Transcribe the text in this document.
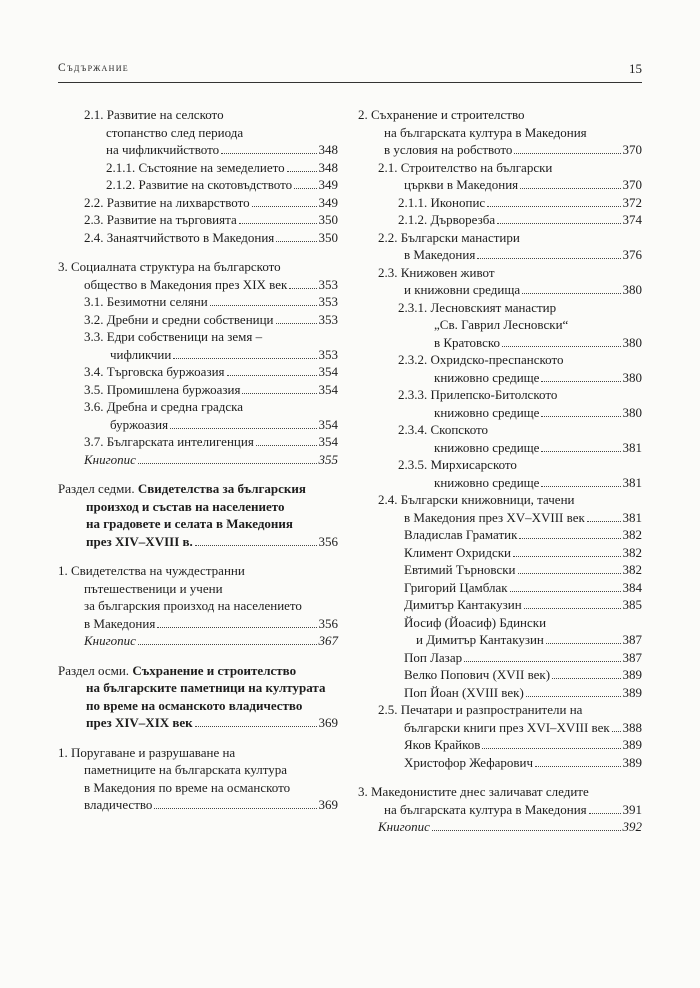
Съдържание	15
2.1. Развитие на селското
стопанство след периода
на чифликчийството	348
2.1.1. Състояние на земеделието	348
2.1.2. Развитие на скотовъдството 349
2.2. Развитие на лихварството	349
2.3. Развитие на търговията	350
2.4. Занаятчийството в Македония	350
3. Социалната структура на българското
общество в Македония през XIX век 353
3.1. Безимотни селяни	353
3.2. Дребни и средни собственици	353
3.3. Едри собственици на земя –
чифликчии	353
3.4. Търговска буржоазия	354
3.5. Промишлена буржоазия	354
3.6. Дребна и средна градска
буржоазия	354
3.7. Българската интелигенция	354
Книгопис	355
Раздел седми. Свидетелства за българския
произход и състав на населението
на градовете и селата в Македония
през XIV–XVIII в.	356
1. Свидетелства на чуждестранни
пътешественици и учени
за българския произход на населението
в Македония	356
Книгопис	367
Раздел осми. Съхранение и строителство
на българските паметници на културата
по време на османското владичество
през XIV–XIX век	369
1. Поругаване и разрушаване на
паметниците на българската култура
в Македония по време на османското
владичество	369
2. Съхранение и строителство
на българската култура в Македония
в условия на робството	370
2.1. Строителство на български
църкви в Македония	370
2.1.1. Иконопис	372
2.1.2. Дърворезба	374
2.2. Български манастири
в Македония	376
2.3. Книжовен живот
и книжовни средища	380
2.3.1. Лесновският манастир
„Св. Гаврил Лесновски“
в Кратовско	380
2.3.2. Охридско-преспанското
книжовно средище	380
2.3.3. Прилепско-Битолското
книжовно средище	380
2.3.4. Скопското
книжовно средище	381
2.3.5. Мирхисарското
книжовно средище	381
2.4. Български книжовници, тачени
в Македония през XV–XVIII век	381
Владислав Граматик	382
Климент Охридски	382
Евтимий Търновски	382
Григорий Цамблак	384
Димитър Кантакузин	385
Йосиф (Йоасиф) Бдински
и Димитър Кантакузин	387
Поп Лазар	387
Велко Попович (XVII век)	389
Поп Йоан (XVIII век)	389
2.5. Печатари и разпространители на
български книги през XVI–XVIII век 388
Яков Крайков	389
Христофор Жефарович	389
3. Македонистите днес заличават следите
на българската култура в Македония	391
Книгопис	392
